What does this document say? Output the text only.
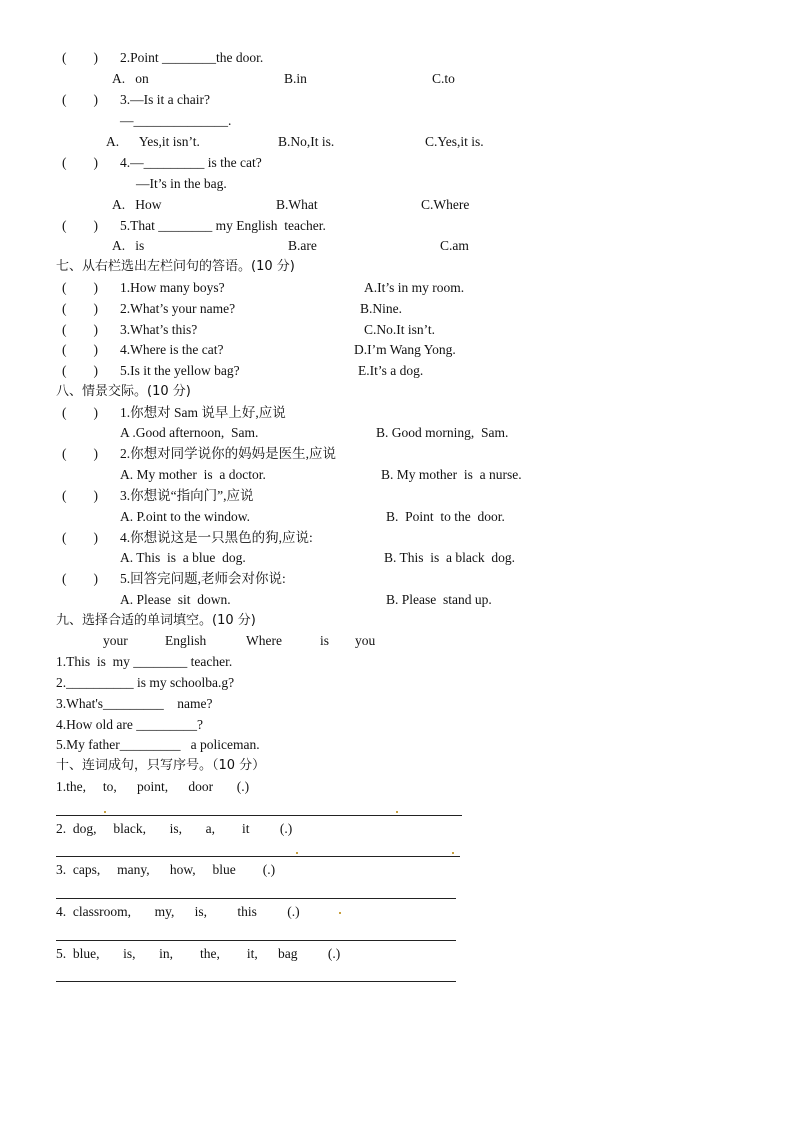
(        ) 2.Point ________the door.
A.   on	B.in	C.to
(        ) 3.—Is it a chair?
—______________.
A.      Yes,it isn’t.	B.No,It is.	C.Yes,it is.
(        ) 4.—_________ is the cat?
—It’s in the bag.
A.   How	B.What	C.Where
(        ) 5.That ________ my English  teacher.
A.   is	B.are	C.am
七、从右栏选出左栏问句的答语。(10 分)
(        ) 1.How many boys?	A.It’s in my room.
(        ) 2.What’s your name?	B.Nine.
(        ) 3.What’s this?	C.No.It isn’t.
(        ) 4.Where is the cat?	D.I’m Wang Yong.
(        ) 5.Is it the yellow bag?	E.It’s a dog.
八、情景交际。(10 分)
(        ) 1.你想对 Sam 说早上好,应说
A .Good afternoon,  Sam.	B. Good morning,  Sam.
(        ) 2.你想对同学说你的妈妈是医生,应说
A. My mother  is  a doctor.	B. My mother  is  a nurse.
(        ) 3.你想说“指向门”,应说
A. P.oint to the window.	B.  Point  to the  door.
(        ) 4.你想说这是一只黑色的狗,应说:
A. This  is  a blue  dog.	B. This  is  a black  dog.
(        ) 5.回答完问题,老师会对你说:
A. Please  sit  down.	B. Please  stand up.
九、选择合适的单词填空。(10 分)
your	English	Where	is you
1.This  is  my ________ teacher.
2.__________ is my schoolba.g?
3.What's_________    name?
4.How old are _________?
5.My father_________   a policeman.
十、连词成句，只写序号。（10 分）
1.the,     to,      point,      door       (.)
2.  dog,     black,       is,       a,        it         (.)
3.  caps,     many,      how,     blue        (.)
4.  classroom,       my,      is,         this         (.)
5.  blue,       is,       in,        the,        it,      bag         (.)
